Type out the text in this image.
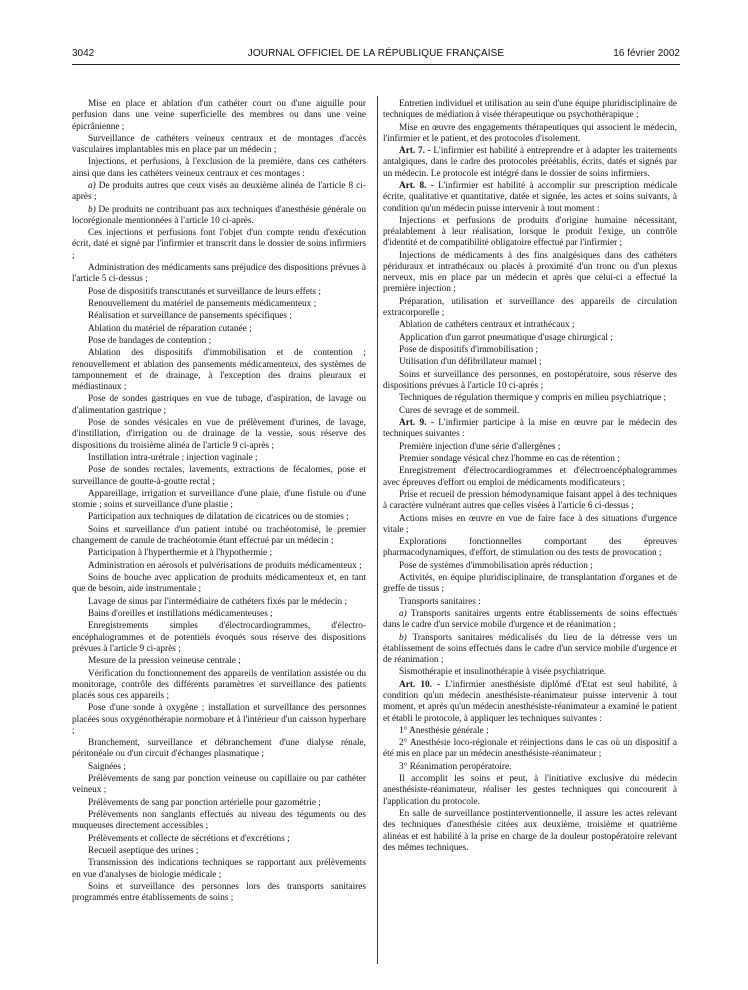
3042	JOURNAL OFFICIEL DE LA RÉPUBLIQUE FRANÇAISE	16 février 2002

Mise en place et ablation d'un cathéter court ou d'une aiguille pour perfusion dans une veine superficielle des membres ou dans une veine épicrânienne ;

Surveillance de cathéters veineux centraux et de montages d'accès vasculaires implantables mis en place par un médecin ;

Injections, et perfusions, à l'exclusion de la première, dans ces cathéters ainsi que dans les cathéters veineux centraux et ces montages :

a) De produits autres que ceux visés au deuxième alinéa de l'article 8 ci-après ;

b) De produits ne contribuant pas aux techniques d'anesthésie générale ou locorégionale mentionnées à l'article 10 ci-après.

Ces injections et perfusions font l'objet d'un compte rendu d'exécution écrit, daté et signé par l'infirmier et transcrit dans le dossier de soins infirmiers ;

Administration des médicaments sans préjudice des dispositions prévues à l'article 5 ci-dessus ;

Pose de dispositifs transcutanés et surveillance de leurs effets ;

Renouvellement du matériel de pansements médicamenteux ;

Réalisation et surveillance de pansements spécifiques ;

Ablation du matériel de réparation cutanée ;

Pose de bandages de contention ;

Ablation des dispositifs d'immobilisation et de contention ; renouvellement et ablation des pansements médicamenteux, des systèmes de tamponnement et de drainage, à l'exception des drains pleuraux et médiastinaux ;

Pose de sondes gastriques en vue de tubage, d'aspiration, de lavage ou d'alimentation gastrique ;

Pose de sondes vésicales en vue de prélèvement d'urines, de lavage, d'instillation, d'irrigation ou de drainage de la vessie, sous réserve des dispositions du troisième alinéa de l'article 9 ci-après ;

Instillation intra-urétrale ; injection vaginale ;

Pose de sondes rectales, lavements, extractions de fécalomes, pose et surveillance de goutte-à-goutte rectal ;

Appareillage, irrigation et surveillance d'une plaie, d'une fistule ou d'une stomie ; soins et surveillance d'une plastie ;

Participation aux techniques de dilatation de cicatrices ou de stomies ;

Soins et surveillance d'un patient intubé ou trachéotomisé, le premier changement de canule de trachéotomie étant effectué par un médecin ;

Participation à l'hyperthermie et à l'hypothermie ;

Administration en aérosols et pulvérisations de produits médicamenteux ;

Soins de bouche avec application de produits médicamenteux et, en tant que de besoin, aide instrumentale ;

Lavage de sinus par l'intermédiaire de cathéters fixés par le médecin ;

Bains d'oreilles et instillations médicamenteuses ;

Enregistrements simples d'électrocardiogrammes, d'électro-encéphalogrammes et de potentiels évoqués sous réserve des dispositions prévues à l'article 9 ci-après ;

Mesure de la pression veineuse centrale ;

Vérification du fonctionnement des appareils de ventilation assistée ou du monitorage, contrôle des différents paramètres et surveillance des patients placés sous ces appareils ;

Pose d'une sonde à oxygène ; installation et surveillance des personnes placées sous oxygénothérapie normobare et à l'intérieur d'un caisson hyperbare ;

Branchement, surveillance et débranchement d'une dialyse rénale, péritonéale ou d'un circuit d'échanges plasmatique ;

Saignées ;

Prélèvements de sang par ponction veineuse ou capillaire ou par cathéter veineux ;

Prélèvements de sang par ponction artérielle pour gazométrie ;

Prélèvements non sanglants effectués au niveau des téguments ou des muqueuses directement accessibles ;

Prélèvements et collecte de sécrétions et d'excrétions ;

Recueil aseptique des urines ;

Transmission des indications techniques se rapportant aux prélèvements en vue d'analyses de biologie médicale ;

Soins et surveillance des personnes lors des transports sanitaires programmés entre établissements de soins ;

Entretien individuel et utilisation au sein d'une équipe pluridisciplinaire de techniques de médiation à visée thérapeutique ou psychothérapique ;

Mise en œuvre des engagements thérapeutiques qui associent le médecin, l'infirmier et le patient, et des protocoles d'isolement.

Art. 7. - L'infirmier est habilité à entreprendre et à adapter les traitements antalgiques, dans le cadre des protocoles préétablis, écrits, datés et signés par un médecin. Le protocole est intégré dans le dossier de soins infirmiers.

Art. 8. - L'infirmier est habilité à accomplir sur prescription médicale écrite, qualitative et quantitative, datée et signée, les actes et soins suivants, à condition qu'un médecin puisse intervenir à tout moment :

Injections et perfusions de produits d'origine humaine nécessitant, préalablement à leur réalisation, lorsque le produit l'exige, un contrôle d'identité et de compatibilité obligatoire effectué par l'infirmier ;

Injections de médicaments à des fins analgésiques dans des cathéters périduraux et intrathécaux ou placés à proximité d'un tronc ou d'un plexus nerveux, mis en place par un médecin et après que celui-ci a effectué la première injection ;

Préparation, utilisation et surveillance des appareils de circulation extracorporelle ;

Ablation de cathéters centraux et intrathécaux ;

Application d'un garrot pneumatique d'usage chirurgical ;

Pose de dispositifs d'immobilisation ;

Utilisation d'un défibrillateur manuel ;

Soins et surveillance des personnes, en postopératoire, sous réserve des dispositions prévues à l'article 10 ci-après ;

Techniques de régulation thermique y compris en milieu psychiatrique ;

Cures de sevrage et de sommeil.

Art. 9. - L'infirmier participe à la mise en œuvre par le médecin des techniques suivantes :

Première injection d'une série d'allergènes ;

Premier sondage vésical chez l'homme en cas de rétention ;

Enregistrement d'électrocardiogrammes et d'électroencéphalogrammes avec épreuves d'effort ou emploi de médicaments modificateurs ;

Prise et recueil de pression hémodynamique faisant appel à des techniques à caractère vulnérant autres que celles visées à l'article 6 ci-dessus ;

Actions mises en œuvre en vue de faire face à des situations d'urgence vitale ;

Explorations fonctionnelles comportant des épreuves pharmacodynamiques, d'effort, de stimulation ou des tests de provocation ;

Pose de systèmes d'immobilisation après réduction ;

Activités, en équipe pluridisciplinaire, de transplantation d'organes et de greffe de tissus ;

Transports sanitaires :

a) Transports sanitaires urgents entre établissements de soins effectués dans le cadre d'un service mobile d'urgence et de réanimation ;

b) Transports sanitaires médicalisés du lieu de la détresse vers un établissement de soins effectués dans le cadre d'un service mobile d'urgence et de réanimation ;

Sismothérapie et insulinothérapie à visée psychiatrique.

Art. 10. - L'infirmier anesthésiste diplômé d'Etat est seul habilité, à condition qu'un médecin anesthésiste-réanimateur puisse intervenir à tout moment, et après qu'un médecin anesthésiste-réanimateur a examiné le patient et établi le protocole, à appliquer les techniques suivantes :

1° Anesthésie générale ;

2° Anesthésie loco-régionale et réinjections dans le cas où un dispositif a été mis en place par un médecin anesthésiste-réanimateur ;

3° Réanimation peropératoire.

Il accomplit les soins et peut, à l'initiative exclusive du médecin anesthésiste-réanimateur, réaliser les gestes techniques qui concourent à l'application du protocole.

En salle de surveillance postinterventionnelle, il assure les actes relevant des techniques d'anesthésie citées aux deuxième, troisième et quatrième alinéas et est habilité à la prise en charge de la douleur postopératoire relevant des mêmes techniques.
